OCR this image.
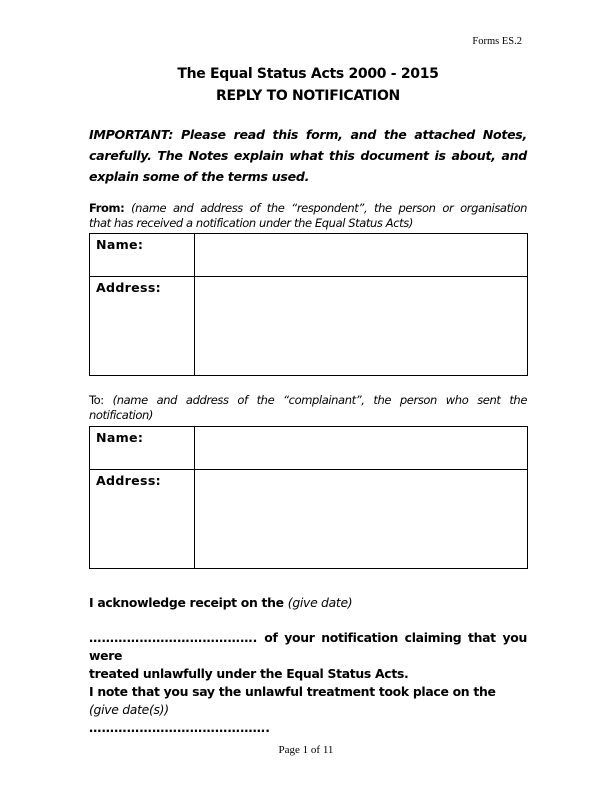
Forms ES.2
The Equal Status Acts 2000 - 2015
REPLY TO NOTIFICATION
IMPORTANT: Please read this form, and the attached Notes,
carefully. The Notes explain what this document is about, and
explain some of the terms used.
From: (name and address of the “respondent”, the person or organisation
that has received a notification under the Equal Status Acts)
Name:	
Address:	
To: (name and address of the “complainant”, the person who sent the
notification)
Name:	
Address:	
I acknowledge receipt on the (give date)
…………………………………. of your notification claiming that you were
treated unlawfully under the Equal Status Acts.
I note that you say the unlawful treatment took place on the (give date(s))
…………………………………….
Page 1 of 11
